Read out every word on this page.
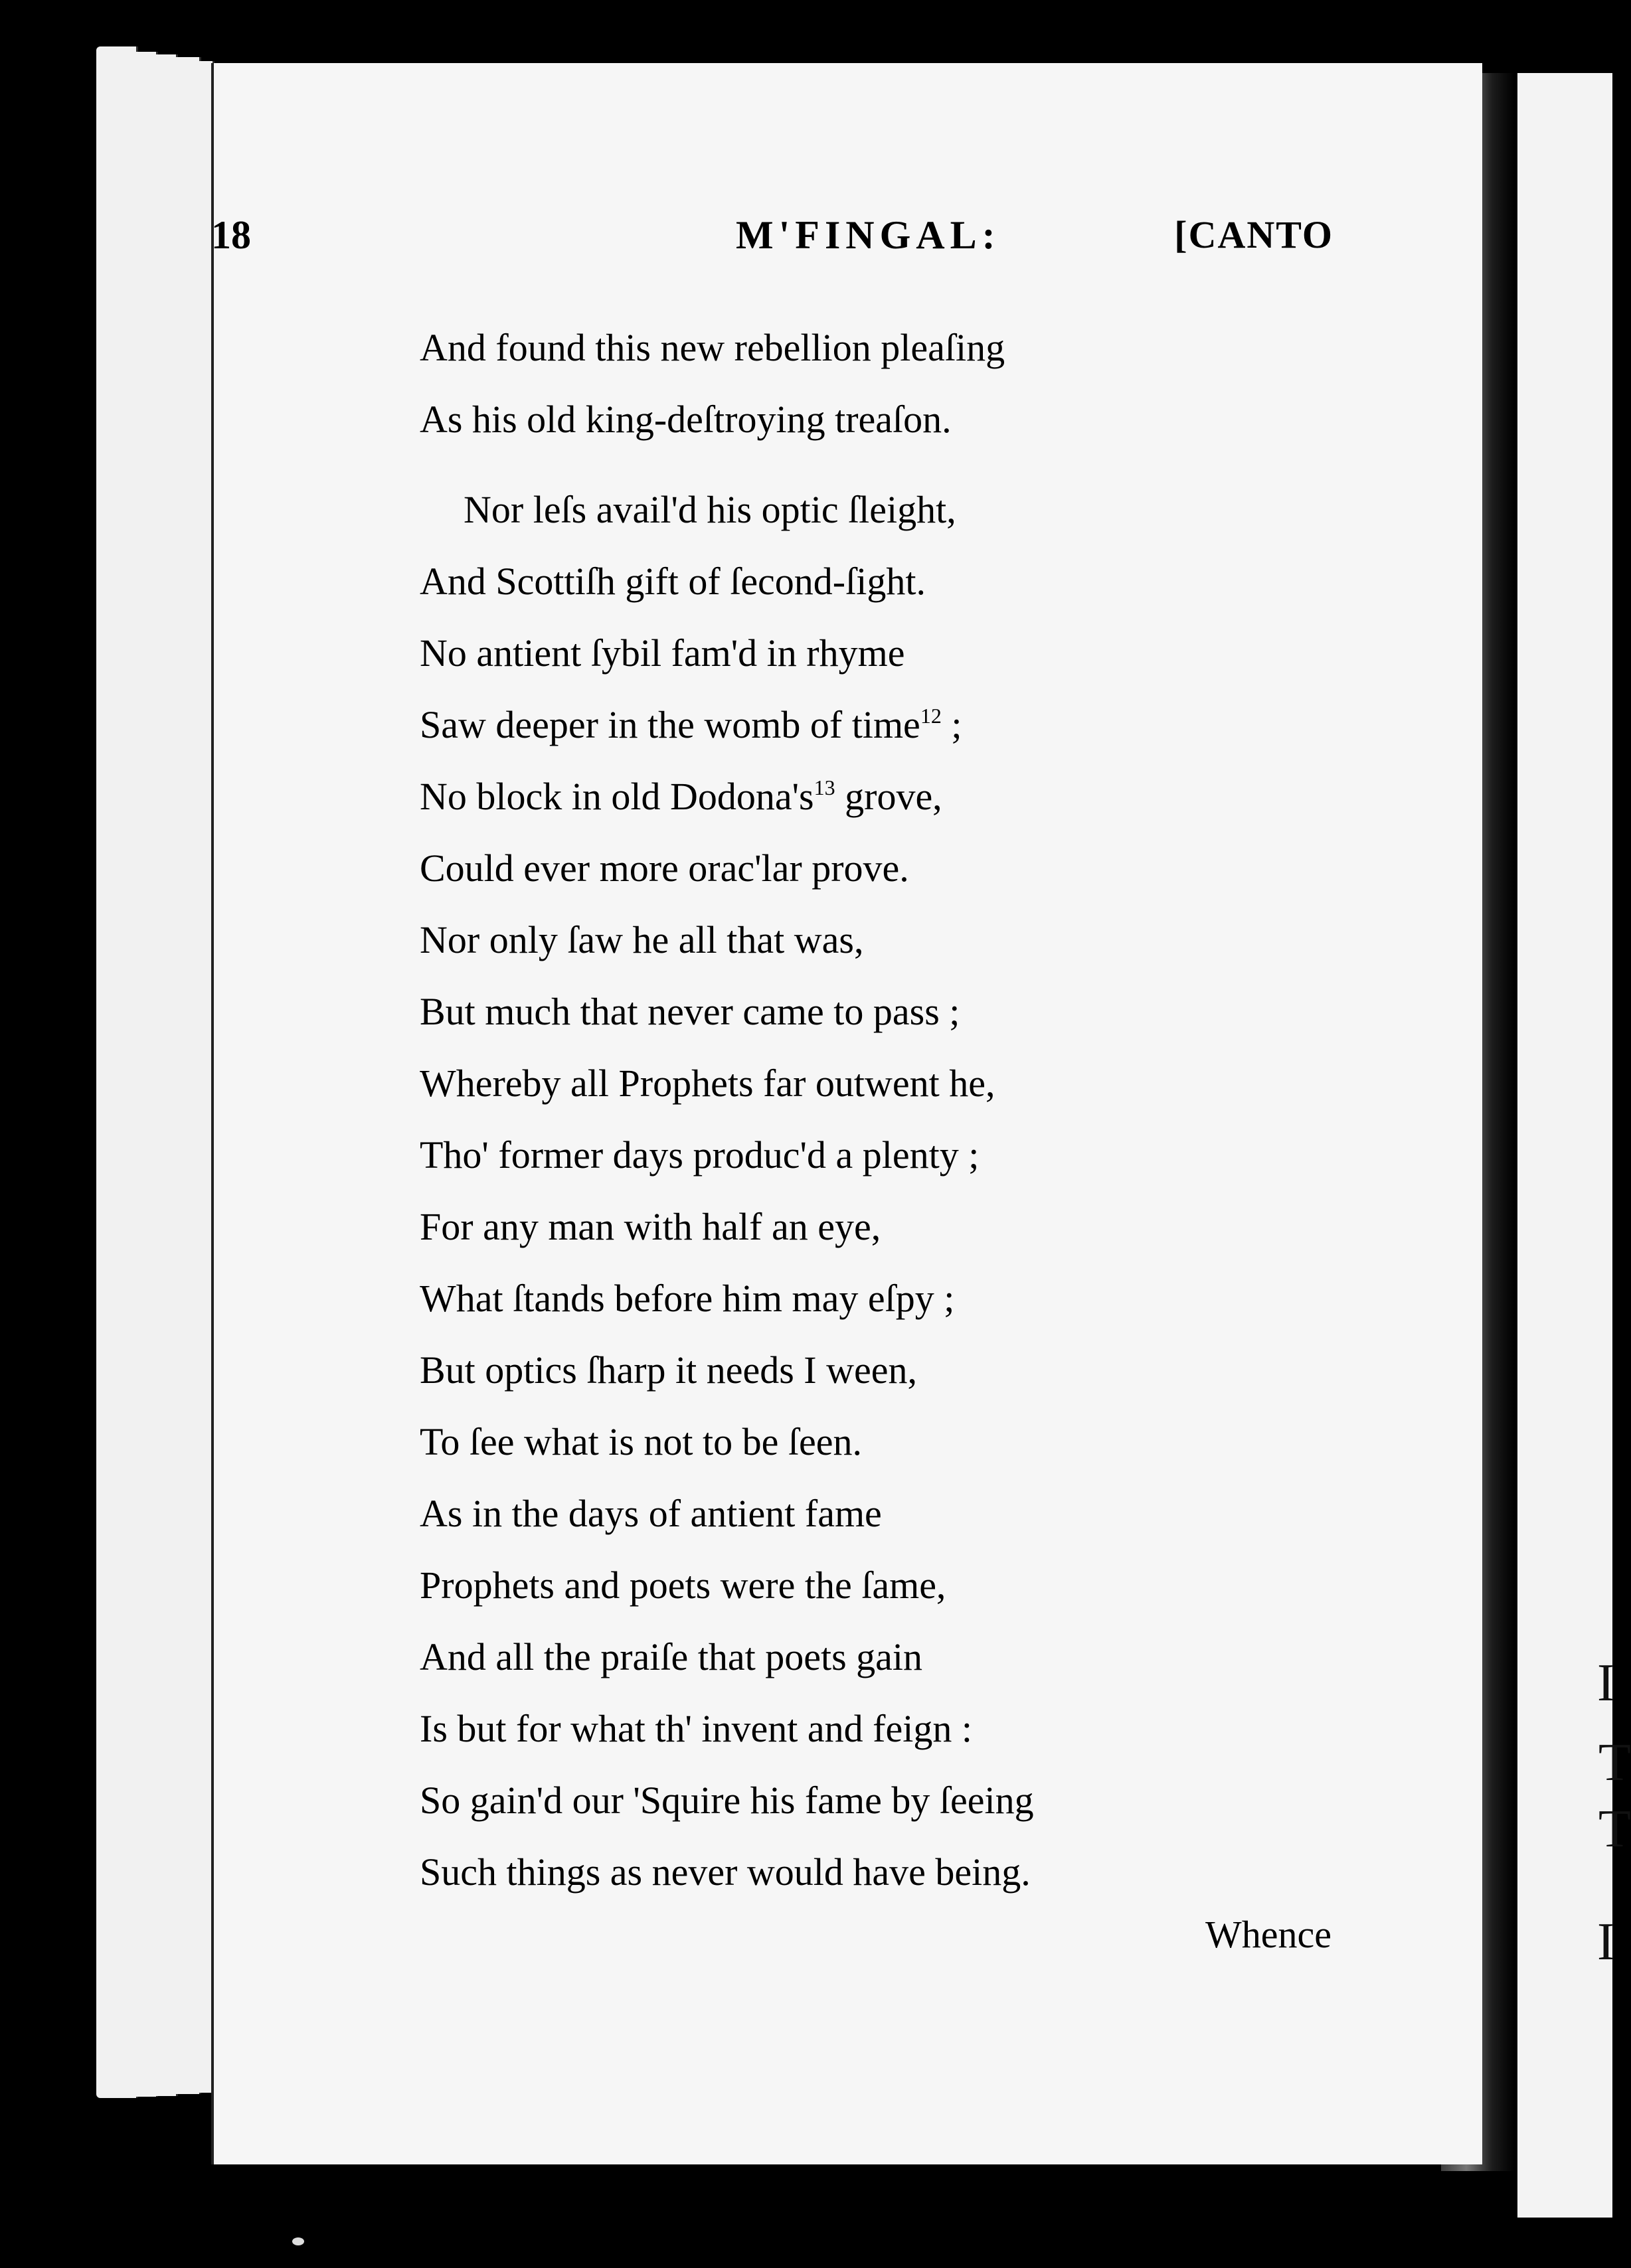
I
T
T
I
18	M'FINGAL:	[CANTO
And found this new rebellion pleaſing
As his old king-deſtroying treaſon.
Nor leſs avail'd his optic ſleight,
And Scottiſh gift of ſecond-ſight.
No antient ſybil fam'd in rhyme
Saw deeper in the womb of time$^{12}$ ;
No block in old $Dodona's^{13}$ grove,
Could ever more orac'lar prove.
Nor only ſaw he all that was,
But much that never came to pass ;
Whereby all Prophets far outwent he,
Tho' former days produc'd a plenty ;
For any man with half an eye,
What ſtands before him may eſpy ;
But optics ſharp it needs I ween,
To ſee what is not to be ſeen.
As in the days of antient fame
Prophets and poets were the ſame,
And all the praiſe that poets gain
Is but for what th' invent and feign :
So gain'd our 'Squire his fame by ſeeing
Such things as never would have being.
Whence
